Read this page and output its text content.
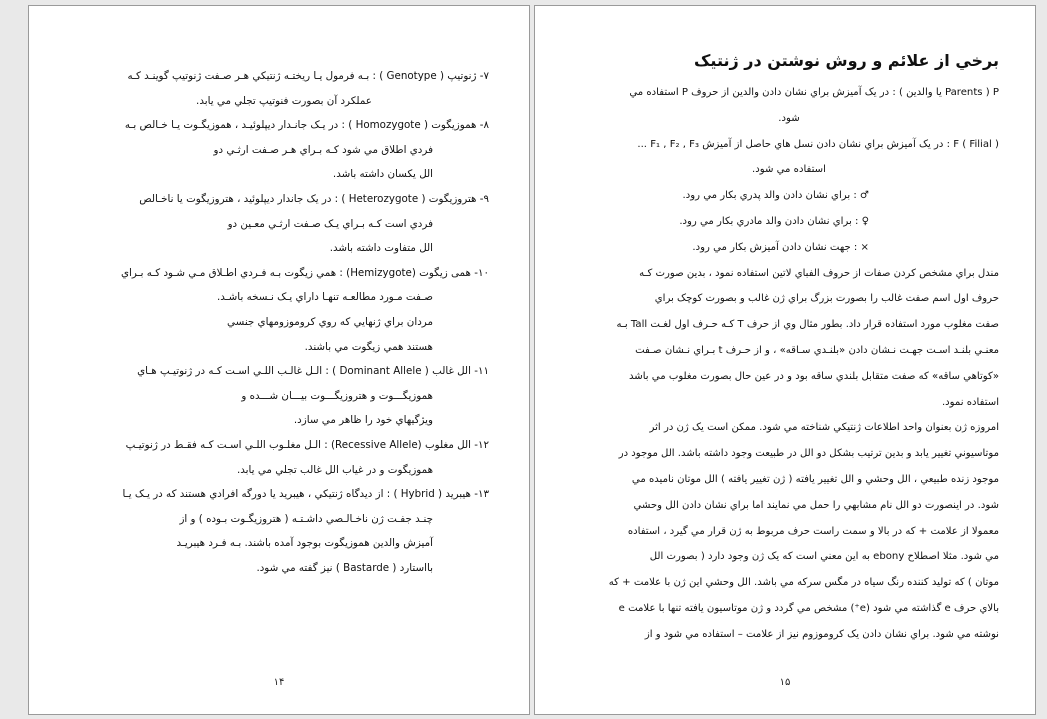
۷- ژنوتیپ ( Genotype ) : بـه فرمول یـا ریختـه ژنتیکي هـر صـفت ژنوتیپ گوینـد کـه
عملکرد آن بصورت فنوتیپ تجلي مي یابد.
۸- هموزیگوت ( Homozygote ) : در یـک جانـدار دیپلوئیـد ، هموزیگـوت یـا خـالص بـه
فردي اطلاق مي شود کـه بـراي هـر صـفت ارثـي دو
الل یکسان داشته باشد.
۹- هتروزیگوت ( Heterozygote ) : در یک جاندار دیپلوئید ، هتروزیگوت یا ناخـالص
فردي است کـه بـراي یـک صـفت ارثـي معـین دو
الل متفاوت داشته باشد.
۱۰- همی زیگوت (Hemizygote) : همي زیگوت بـه فـردي اطـلاق مـي شـود کـه بـراي
صـفت مـورد مطالعـه تنهـا داراي یـک نـسخه باشـد.
مردان براي ژنهایي که روي کروموزومهاي جنسي
هستند همي زیگوت مي باشند.
۱۱- الل غالب ( Dominant Allele ) : الـل غالـب اللـي اسـت کـه در ژنوتیـپ هـاي
هموزیگـــوت و هتروزیگـــوت بیـــان شـــده و
ویژگیهاي خود را ظاهر مي سازد.
۱۲- الل مغلوب (Recessive Allele) : الـل مغلـوب اللـي اسـت کـه فقـط در ژنوتیـپ
هموزیگوت و در غیاب الل غالب تجلي مي یابد.
۱۳- هیبرید ( Hybrid ) : از دیدگاه ژنتیکي ، هیبرید یا دورگه افرادي هستند که در یـک یـا
چنـد جفـت ژن ناخـالـصي داشـتـه ( هتروزیگـوت بـوده ) و از
آمیزش والدین هموزیگوت بوجود آمده باشند. بـه فـرد هیبریـد
بااستارد ( Bastarde ) نیز گفته مي شود.
۱۴
برخي از علائم و روش نوشتن در ژنتیک
P ( Parents یا والدین ) : در یک آمیزش براي نشان دادن والدین از حروف P استفاده مي
شود.
F ( Filial ) : در یک آمیزش براي نشان دادن نسل هاي حاصل از آمیزش F₁ , F₂ , F₃ ...
استفاده مي شود.
♂ : براي نشان دادن والد پدري بکار مي رود.
♀ : براي نشان دادن والد مادري بکار مي رود.
× : جهت نشان دادن آمیزش بکار مي رود.
مندل براي مشخص کردن صفات از حروف الفباي لاتین استفاده نمود ، بدین صورت کـه
حروف اول اسم صفت غالب را بصورت بزرگ براي ژن غالب و بصورت کوچک براي
صفت مغلوب مورد استفاده قرار داد. بطور مثال وي از حرف T کـه حـرف اول لغـت Tall بـه
معنـي بلنـد اسـت جهـت نـشان دادن «بلنـدي سـاقه» ، و از حـرف t بـراي نـشان صـفت
«کوتاهي ساقه» که صفت متقابل بلندي ساقه بود و در عین حال بصورت مغلوب مي باشد
استفاده نمود.
امروزه ژن بعنوان واحد اطلاعات ژنتیکي شناخته مي شود. ممکن است یک ژن در اثر
موتاسیوني تغییر یابد و بدین ترتیب بشکل دو الل در طبیعت وجود داشته باشد. الل موجود در
موجود زنده طبیعي ، الل وحشي و الل تغییر یافته ( ژن تغییر یافته ) الل موتان نامیده مي
شود. در اینصورت دو الل نام مشابهي را حمل مي نمایند اما براي نشان دادن الل وحشي
معمولا از علامت + که در بالا و سمت راست حرف مربوط به ژن قرار مي گیرد ، استفاده
مي شود. مثلا اصطلاح ebony به این معني است که یک ژن وجود دارد ( بصورت الل
موتان ) که تولید کننده رنگ سیاه در مگس سرکه مي باشد. الل وحشي این ژن با علامت + که
بالاي حرف e گذاشته مي شود (e⁺) مشخص مي گردد و ژن موتاسیون یافته تنها با علامت e
نوشته مي شود. براي نشان دادن یک کروموزوم نیز از علامت – استفاده مي شود و از
۱۵
